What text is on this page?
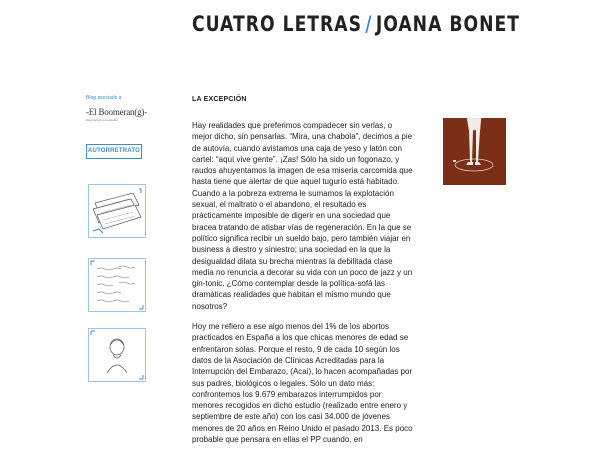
CUATRO LETRAS / JOANA BONET
Blog asociado a
-El Boomeran(g)-
blog literario en español
AUTORRETRATO
LA EXCEPCIÓN

Hay realidades que preferimos compadecer sin verlas, o mejor dicho, sin pensarlas. “Mira, una chabola”, decimos a pie de autovía, cuando avistamos una caja de yeso y latón con cartel: “aquí vive gente”. ¡Zas! Sólo ha sido un fogonazo, y raudos ahuyentamos la imagen de esa miseria carcomida que hasta tiene que alertar de que aquel tugurio está habitado. Cuando a la pobreza extrema le sumamos la explotación sexual, el maltrato o el abandono, el resultado es prácticamente imposible de digerir en una sociedad que bracea tratando de atisbar vías de regeneración. En la que se político significa recibir un sueldo bajo, pero también viajar en business a diestro y siniestro; una sociedad en la que la desigualdad dilata su brecha mientras la debilitada clase media no renuncia a decorar su vida con un poco de jazz y un gin-tonic. ¿Cómo contemplar desde la política-sofá las dramáticas realidades que habitan el mismo mundo que nosotros?

Hoy me refiero a ese algo menos del 1% de los abortos practicados en España a los que chicas menores de edad se enfrentaron solas. Porque el resto, 9 de cada 10 según los datos de la Asociación de Clínicas Acreditadas para la Interrupción del Embarazo, (Acai), lo hacen acompañadas por sus padres, biológicos o legales. Sólo un dato más: confrontemos los 9.679 embarazos interrumpidos por menores recogidos en dicho estudio (realizado entre enero y septiembre de este año) con los casi 34.000 de jóvenes menores de 20 años en Reino Unido el pasado 2013. Es poco probable que pensara en ellas el PP cuando, en
